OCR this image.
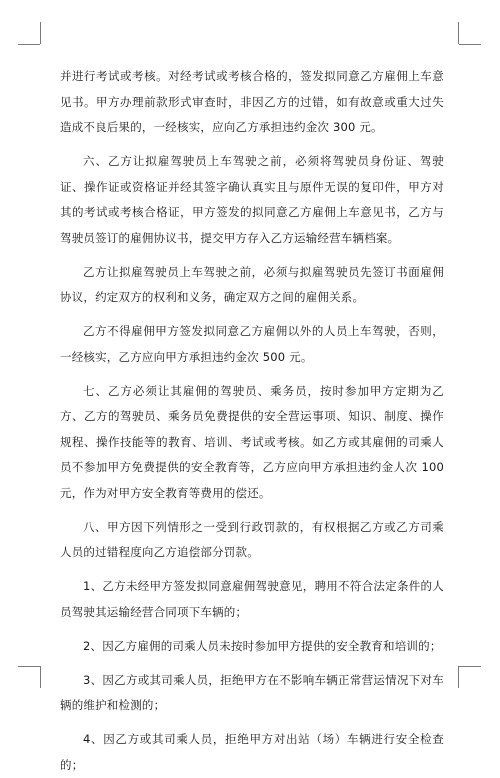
并进行考试或考核。对经考试或考核合格的，签发拟同意乙方雇佣上车意见书。甲方办理前款形式审查时，非因乙方的过错，如有故意或重大过失造成不良后果的，一经核实，应向乙方承担违约金次 300 元。

六、乙方让拟雇驾驶员上车驾驶之前，必须将驾驶员身份证、驾驶证、操作证或资格证并经其签字确认真实且与原件无误的复印件，甲方对其的考试或考核合格证，甲方签发的拟同意乙方雇佣上车意见书，乙方与驾驶员签订的雇佣协议书，提交甲方存入乙方运输经营车辆档案。

乙方让拟雇驾驶员上车驾驶之前，必须与拟雇驾驶员先签订书面雇佣协议，约定双方的权利和义务，确定双方之间的雇佣关系。

乙方不得雇佣甲方签发拟同意乙方雇佣以外的人员上车驾驶，否则，一经核实，乙方应向甲方承担违约金次 500 元。

七、乙方必须让其雇佣的驾驶员、乘务员，按时参加甲方定期为乙方、乙方的驾驶员、乘务员免费提供的安全营运事项、知识、制度、操作规程、操作技能等的教育、培训、考试或考核。如乙方或其雇佣的司乘人员不参加甲方免费提供的安全教育等，乙方应向甲方承担违约金人次 100 元，作为对甲方安全教育等费用的偿还。

八、甲方因下列情形之一受到行政罚款的，有权根据乙方或乙方司乘人员的过错程度向乙方追偿部分罚款。

1、乙方未经甲方签发拟同意雇佣驾驶意见，聘用不符合法定条件的人员驾驶其运输经营合同项下车辆的；

2、因乙方雇佣的司乘人员未按时参加甲方提供的安全教育和培训的；

3、因乙方或其司乘人员，拒绝甲方在不影响车辆正常营运情况下对车辆的维护和检测的；

4、因乙方或其司乘人员，拒绝甲方对出站（场）车辆进行安全检查的；
